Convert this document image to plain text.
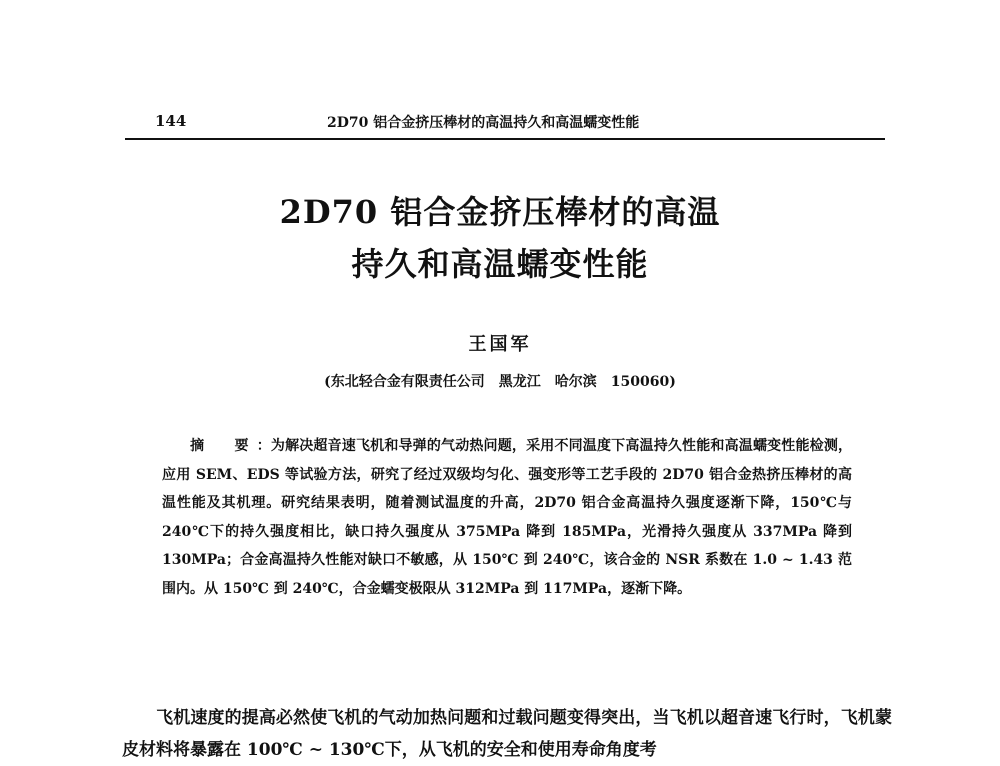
144	2D70 铝合金挤压棒材的高温持久和高温蠕变性能
2D70 铝合金挤压棒材的高温
持久和高温蠕变性能
王国军
(东北轻合金有限责任公司　黑龙江　哈尔滨　150060)
摘　要：为解决超音速飞机和导弹的气动热问题，采用不同温度下高温持久性能和高温蠕变性能检测，应用 SEM、EDS 等试验方法，研究了经过双级均匀化、强变形等工艺手段的 2D70 铝合金热挤压棒材的高温性能及其机理。研究结果表明，随着测试温度的升高，2D70 铝合金高温持久强度逐渐下降，150℃与 240℃下的持久强度相比，缺口持久强度从 375MPa 降到 185MPa，光滑持久强度从 337MPa 降到 130MPa；合金高温持久性能对缺口不敏感，从 150℃ 到 240℃，该合金的 NSR 系数在 1.0 ~ 1.43 范围内。从 150℃ 到 240℃，合金蠕变极限从 312MPa 到 117MPa，逐渐下降。
飞机速度的提高必然使飞机的气动加热问题和过载问题变得突出，当飞机以超音速飞行时，飞机蒙皮材料将暴露在 100℃ ~ 130℃下，从飞机的安全和使用寿命角度考
